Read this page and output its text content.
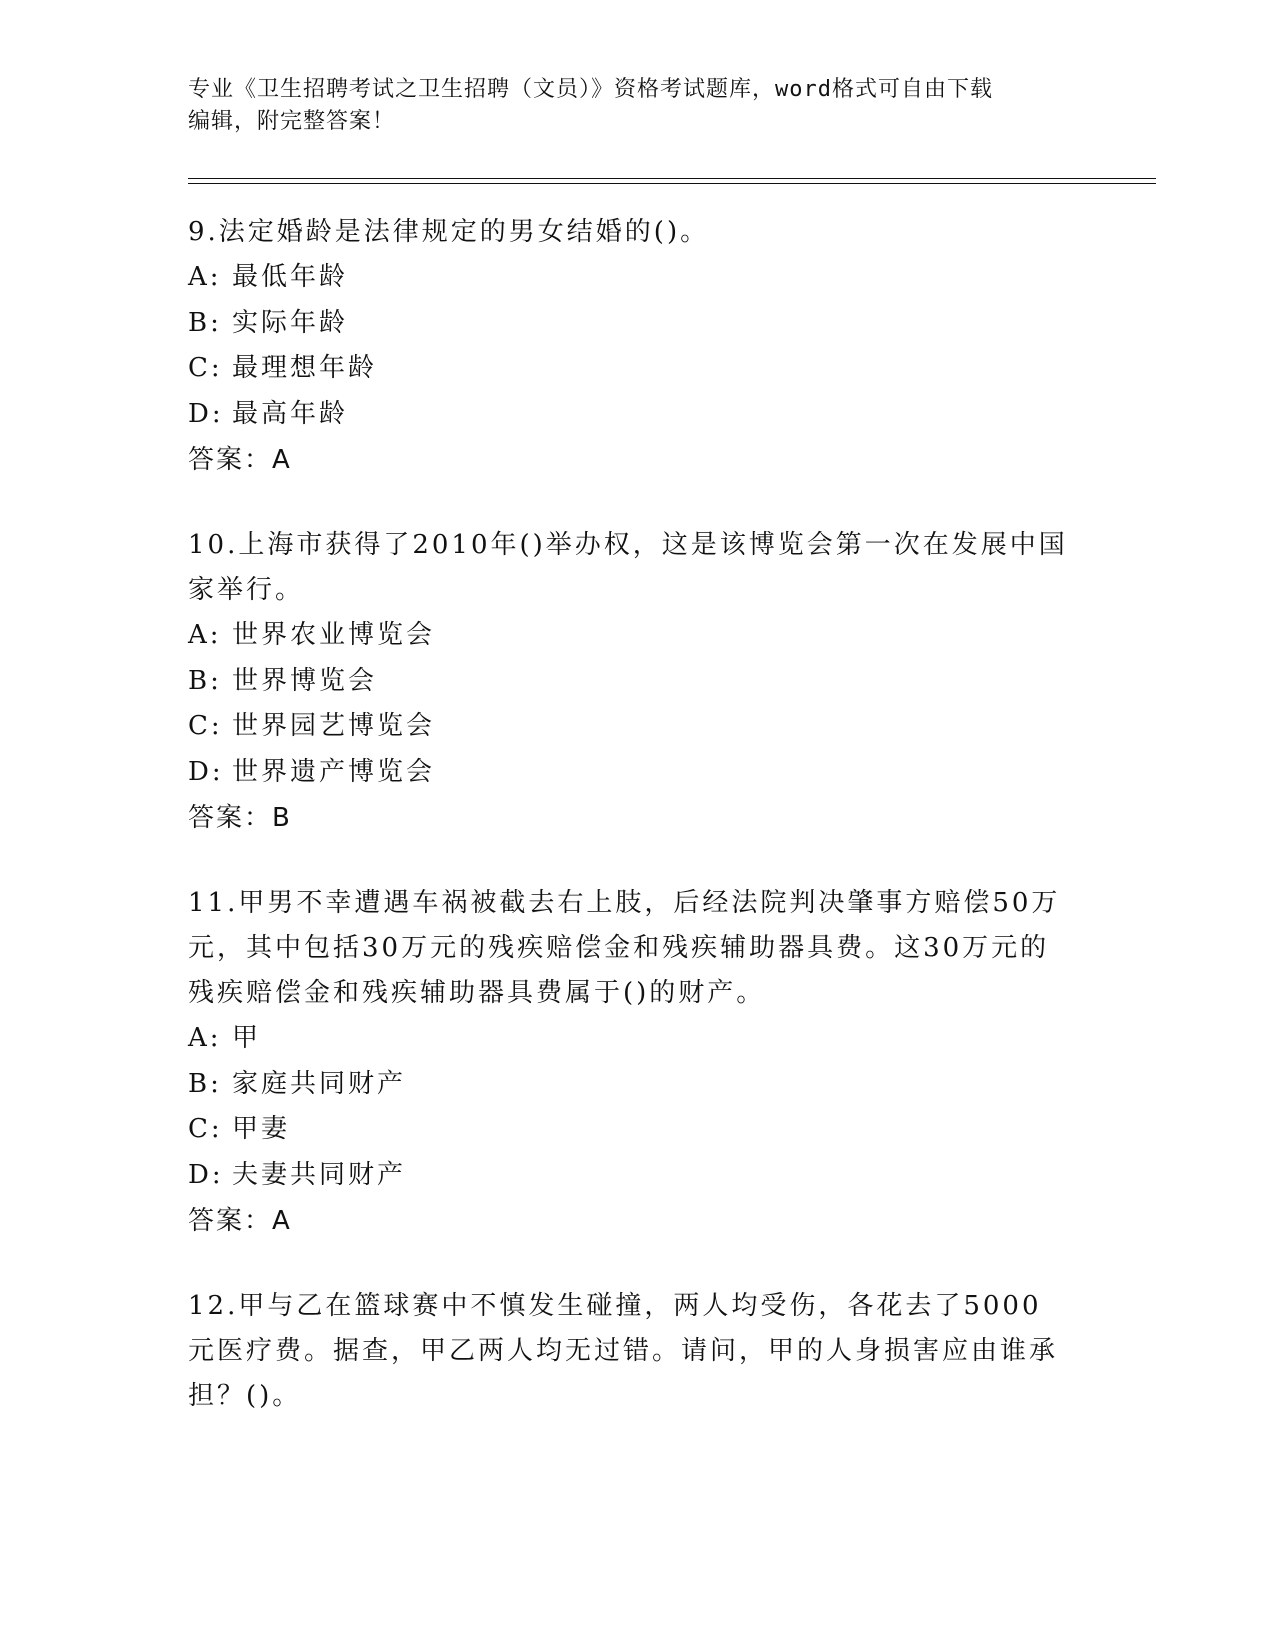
专业《卫生招聘考试之卫生招聘（文员）》资格考试题库，word格式可自由下载
编辑，附完整答案！

9.法定婚龄是法律规定的男女结婚的()。

A: 最低年龄

B: 实际年龄

C: 最理想年龄

D: 最高年龄

答案：A

10.上海市获得了2010年()举办权，这是该博览会第一次在发展中国家举行。

A: 世界农业博览会

B: 世界博览会

C: 世界园艺博览会

D: 世界遗产博览会

答案：B

11.甲男不幸遭遇车祸被截去右上肢，后经法院判决肇事方赔偿50万元，其中包括30万元的残疾赔偿金和残疾辅助器具费。这30万元的残疾赔偿金和残疾辅助器具费属于()的财产。

A: 甲

B: 家庭共同财产

C: 甲妻

D: 夫妻共同财产

答案：A

12.甲与乙在篮球赛中不慎发生碰撞，两人均受伤，各花去了5000元医疗费。据查，甲乙两人均无过错。请问，甲的人身损害应由谁承担？()。
